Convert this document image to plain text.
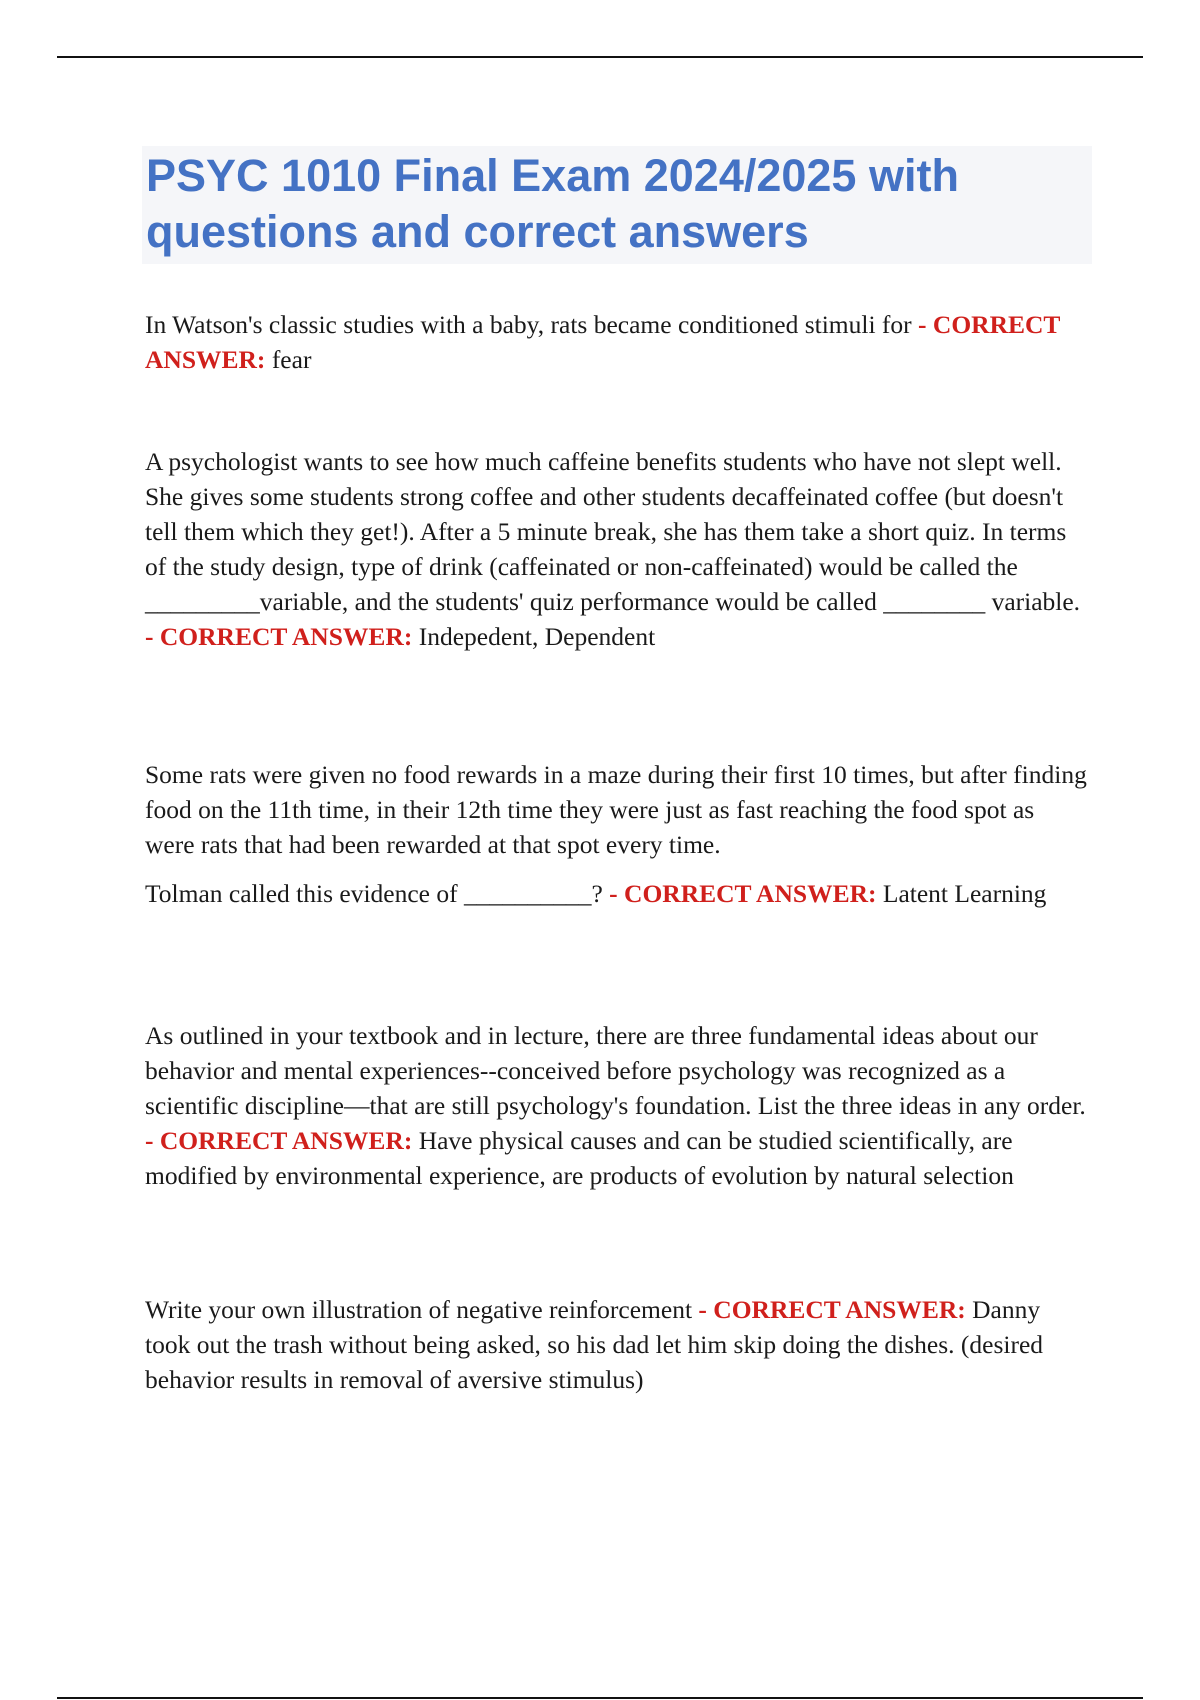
PSYC 1010 Final Exam 2024/2025 with questions and correct answers

In Watson's classic studies with a baby, rats became conditioned stimuli for - CORRECT ANSWER: fear

A psychologist wants to see how much caffeine benefits students who have not slept well. She gives some students strong coffee and other students decaffeinated coffee (but doesn't tell them which they get!). After a 5 minute break, she has them take a short quiz. In terms of the study design, type of drink (caffeinated or non-caffeinated) would be called the _________variable, and the students' quiz performance would be called ________ variable. - CORRECT ANSWER: Indepedent, Dependent

Some rats were given no food rewards in a maze during their first 10 times, but after finding food on the 11th time, in their 12th time they were just as fast reaching the food spot as were rats that had been rewarded at that spot every time.

Tolman called this evidence of __________? - CORRECT ANSWER: Latent Learning

As outlined in your textbook and in lecture, there are three fundamental ideas about our behavior and mental experiences--conceived before psychology was recognized as a scientific discipline—that are still psychology's foundation. List the three ideas in any order. - CORRECT ANSWER: Have physical causes and can be studied scientifically, are modified by environmental experience, are products of evolution by natural selection

Write your own illustration of negative reinforcement - CORRECT ANSWER: Danny took out the trash without being asked, so his dad let him skip doing the dishes. (desired behavior results in removal of aversive stimulus)
